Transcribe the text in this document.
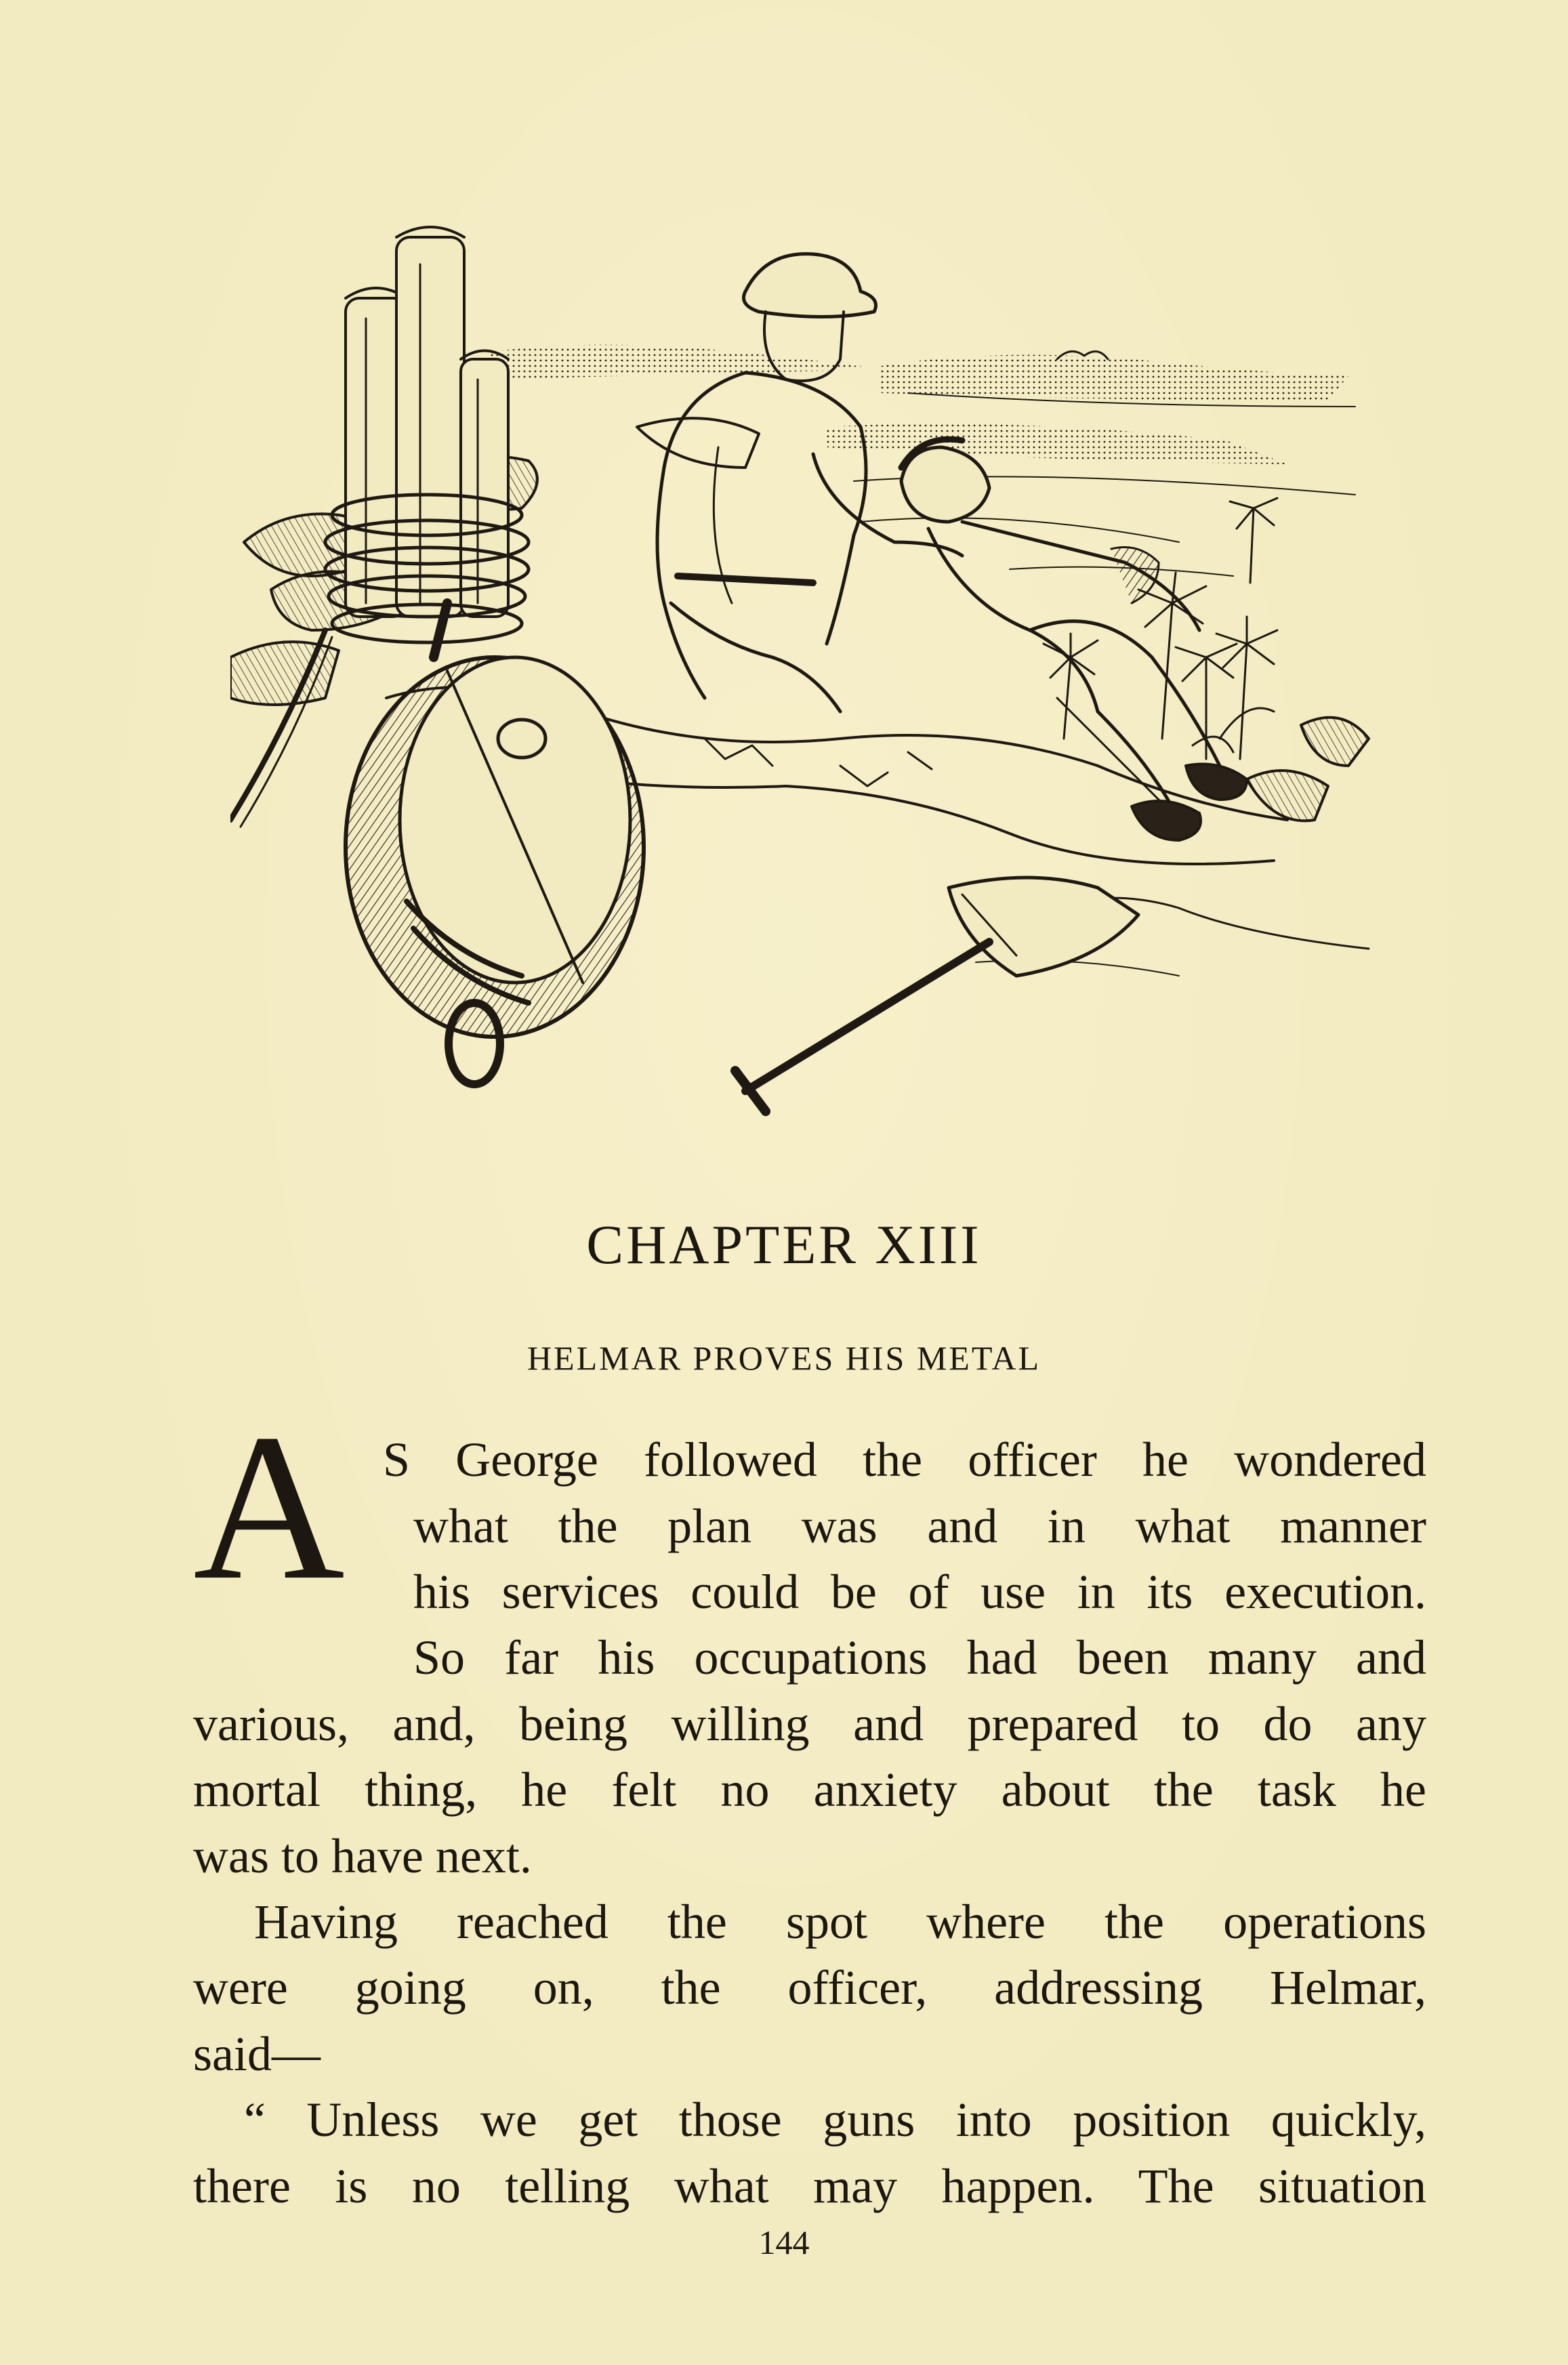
CHAPTER XIII
HELMAR PROVES HIS METAL
A S George followed the officer he wondered
what the plan was and in what manner
his services could be of use in its execution.
So far his occupations had been many and
various, and, being willing and prepared to do any
mortal thing, he felt no anxiety about the task he
was to have next.
Having reached the spot where the operations
were going on, the officer, addressing Helmar,
said—
“ Unless we get those guns into position quickly,
there is no telling what may happen. The situation
144
